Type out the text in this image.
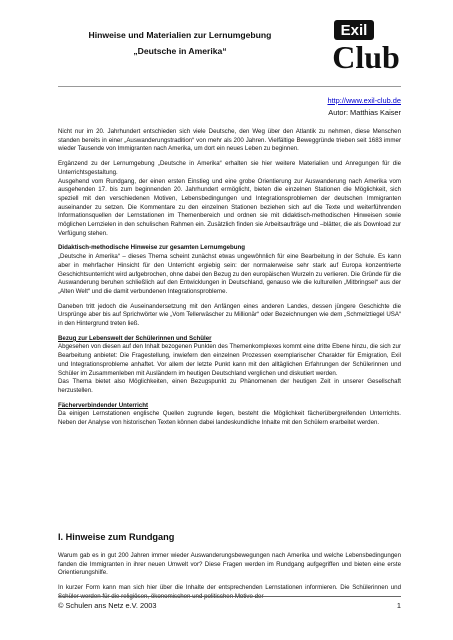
Hinweise und Materialien zur Lernumgebung
„Deutsche in Amerika“
Exil
Club
http://www.exil-club.de
Autor: Matthias Kaiser

Nicht nur im 20. Jahrhundert entschieden sich viele Deutsche, den Weg über den Atlantik zu nehmen, diese Menschen standen bereits in einer „Auswanderungstradition“ von mehr als 200 Jahren. Vielfältige Beweggründe trieben seit 1683 immer wieder Tausende von Immigranten nach Amerika, um dort ein neues Leben zu beginnen.

Ergänzend zu der Lernumgebung „Deutsche in Amerika“ erhalten sie hier weitere Materialien und Anregungen für die Unterrichtsgestaltung.
Ausgehend vom Rundgang, der einen ersten Einstieg und eine grobe Orientierung zur Auswanderung nach Amerika vom ausgehenden 17. bis zum beginnenden 20. Jahrhundert ermöglicht, bieten die einzelnen Stationen die Möglichkeit, sich speziell mit den verschiedenen Motiven, Lebensbedingungen und Integrationsproblemen der deutschen Immigranten auseinander zu setzen. Die Kommentare zu den einzelnen Stationen beziehen sich auf die Texte und weiterführenden Informationsquellen der Lernstationen im Themenbereich und ordnen sie mit didaktisch-methodischen Hinweisen sowie möglichen Lernzielen in den schulischen Rahmen ein. Zusätzlich finden sie Arbeitsaufträge und –blätter, die als Download zur Verfügung stehen.

Didaktisch-methodische Hinweise zur gesamten Lernumgebung

„Deutsche in Amerika“ – dieses Thema scheint zunächst etwas ungewöhnlich für eine Bearbeitung in der Schule. Es kann aber in mehrfacher Hinsicht für den Unterricht ergiebig sein: der normalerweise sehr stark auf Europa konzentrierte Geschichtsunterricht wird aufgebrochen, ohne dabei den Bezug zu den europäischen Wurzeln zu verlieren. Die Gründe für die Auswanderung beruhen schließlich auf den Entwicklungen in Deutschland, genauso wie die kulturellen „Mitbringsel“ aus der „Alten Welt“ und die damit verbundenen Integrationsprobleme.

Daneben tritt jedoch die Auseinandersetzung mit den Anfängen eines anderen Landes, dessen jüngere Geschichte die Ursprünge aber bis auf Sprichwörter wie „Vom Tellerwäscher zu Millionär“ oder Bezeichnungen wie dem „Schmelztiegel USA“ in den Hintergrund treten ließ.

Bezug zur Lebenswelt der Schülerinnen und Schüler

Abgesehen von diesen auf den Inhalt bezogenen Punkten des Themenkomplexes kommt eine dritte Ebene hinzu, die sich zur Bearbeitung anbietet: Die Fragestellung, inwiefern den einzelnen Prozessen exemplarischer Charakter für Emigration, Exil und Integrationsprobleme anhaftet. Vor allem der letzte Punkt kann mit den alltäglichen Erfahrungen der Schülerinnen und Schüler im Zusammenleben mit Ausländern im heutigen Deutschland verglichen und diskutiert werden.
Das Thema bietet also Möglichkeiten, einen Bezugspunkt zu Phänomenen der heutigen Zeit in unserer Gesellschaft herzustellen.

Fächerverbindender Unterricht

Da einigen Lernstationen englische Quellen zugrunde liegen, besteht die Möglichkeit fächerübergreifenden Unterrichts. Neben der Analyse von historischen Texten können dabei landeskundliche Inhalte mit den Schülern erarbeitet werden.

I. Hinweise zum Rundgang

Warum gab es in gut 200 Jahren immer wieder Auswanderungsbewegungen nach Amerika und welche Lebensbedingungen fanden die Immigranten in ihrer neuen Umwelt vor? Diese Fragen werden im Rundgang aufgegriffen und bieten eine erste Orientierungshilfe.

In kurzer Form kann man sich hier über die Inhalte der entsprechenden Lernstationen informieren. Die Schülerinnen und Schüler werden für die religiösen, ökonomischen und politischen Motive der

© Schulen ans Netz e.V. 2003	1
